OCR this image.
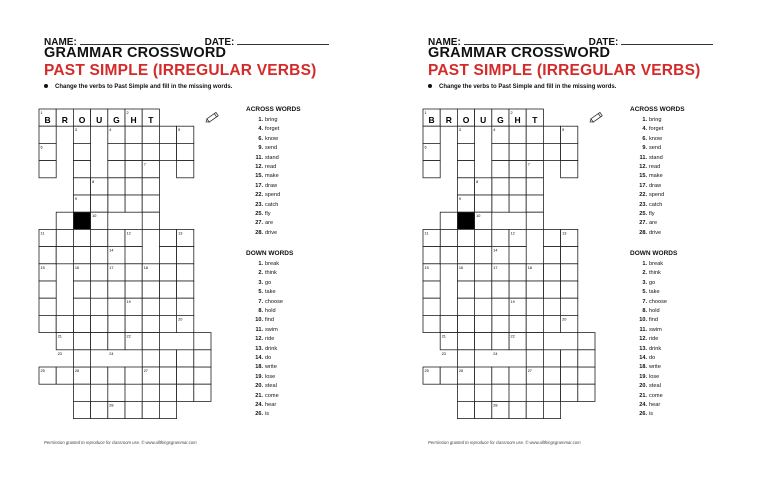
NAME:	DATE:
GRAMMAR CROSSWORD
PAST SIMPLE (IRREGULAR VERBS)
Change the verbs to Past Simple and fill in the missing words.
1	2
3	4	5
6
7
8
9
10
11	12	13
14
15	16	17	18
19
20
21	22
23	24
25	26	27
28
B R O U G H T
ACROSS WORDS
1. bring
4. forget
6. know
9. send
11. stand
12. read
15. make
17. draw
22. spend
23. catch
25. fly
27. are
28. drive
DOWN WORDS
1. break
2. think
3. go
5. take
7. choose
8. hold
10. find
11. swim
12. ride
13. drink
14. do
18. write
19. lose
20. steal
21. come
24. hear
26. is
Permission granted to reproduce for classroom use. © www.allthingsgrammar.com
NAME:	DATE:
GRAMMAR CROSSWORD
PAST SIMPLE (IRREGULAR VERBS)
Change the verbs to Past Simple and fill in the missing words.
1	2
3	4	5
6
7
8
9
10
11	12	13
14
15	16	17	18
19
20
21	22
23	24
25	26	27
28
B R O U G H T
ACROSS WORDS
1. bring
4. forget
6. know
9. send
11. stand
12. read
15. make
17. draw
22. spend
23. catch
25. fly
27. are
28. drive
DOWN WORDS
1. break
2. think
3. go
5. take
7. choose
8. hold
10. find
11. swim
12. ride
13. drink
14. do
18. write
19. lose
20. steal
21. come
24. hear
26. is
Permission granted to reproduce for classroom use. © www.allthingsgrammar.com
